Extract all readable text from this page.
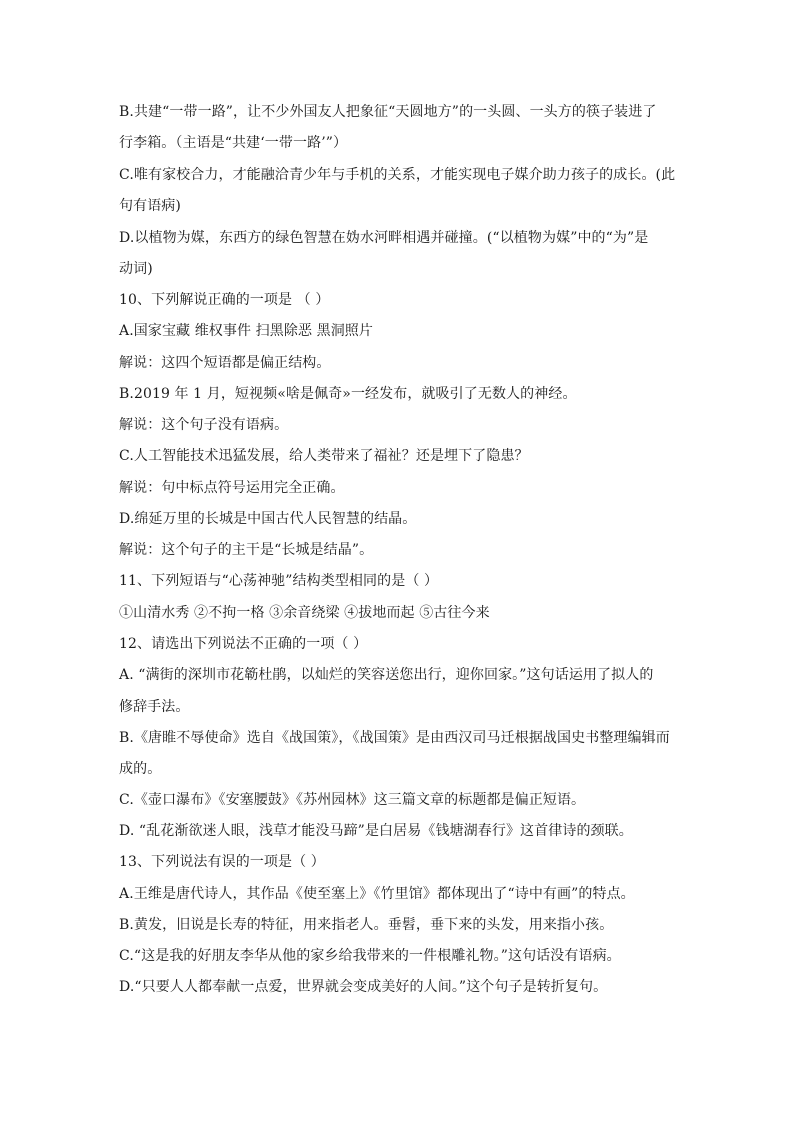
B.共建“一带一路”，让不少外国友人把象征“天圆地方”的一头圆、一头方的筷子装进了
行李箱。（主语是“共建‘一带一路’”）
C.唯有家校合力，才能融洽青少年与手机的关系，才能实现电子媒介助力孩子的成长。(此
句有语病)
D.以植物为媒，东西方的绿色智慧在妫水河畔相遇并碰撞。(“以植物为媒”中的“为”是
动词)
10、下列解说正确的一项是 （ ）
A.国家宝藏 维权事件 扫黑除恶 黑洞照片
解说：这四个短语都是偏正结构。
B.2019 年 1 月，短视频«啥是佩奇»一经发布，就吸引了无数人的神经。
解说：这个句子没有语病。
C.人工智能技术迅猛发展，给人类带来了福祉？还是埋下了隐患？
解说：句中标点符号运用完全正确。
D.绵延万里的长城是中国古代人民智慧的结晶。
解说：这个句子的主干是“长城是结晶”。
11、下列短语与“心荡神驰”结构类型相同的是（ ）
①山清水秀 ②不拘一格 ③余音绕梁 ④拔地而起 ⑤古往今来
12、请选出下列说法不正确的一项（ ）
A. “满街的深圳市花簕杜鹃，以灿烂的笑容送您出行，迎你回家。”这句话运用了拟人的
修辞手法。
B.《唐睢不辱使命》选自《战国策》，《战国策》是由西汉司马迁根据战国史书整理编辑而
成的。
C.《壶口瀑布》《安塞腰鼓》《苏州园林》这三篇文章的标题都是偏正短语。
D. “乱花渐欲迷人眼，浅草才能没马蹄”是白居易《钱塘湖春行》这首律诗的颈联。
13、下列说法有误的一项是（ ）
A.王维是唐代诗人，其作品《使至塞上》《竹里馆》都体现出了“诗中有画”的特点。
B.黄发，旧说是长寿的特征，用来指老人。垂髫，垂下来的头发，用来指小孩。
C.“这是我的好朋友李华从他的家乡给我带来的一件根雕礼物。”这句话没有语病。
D.“只要人人都奉献一点爱，世界就会变成美好的人间。”这个句子是转折复句。
